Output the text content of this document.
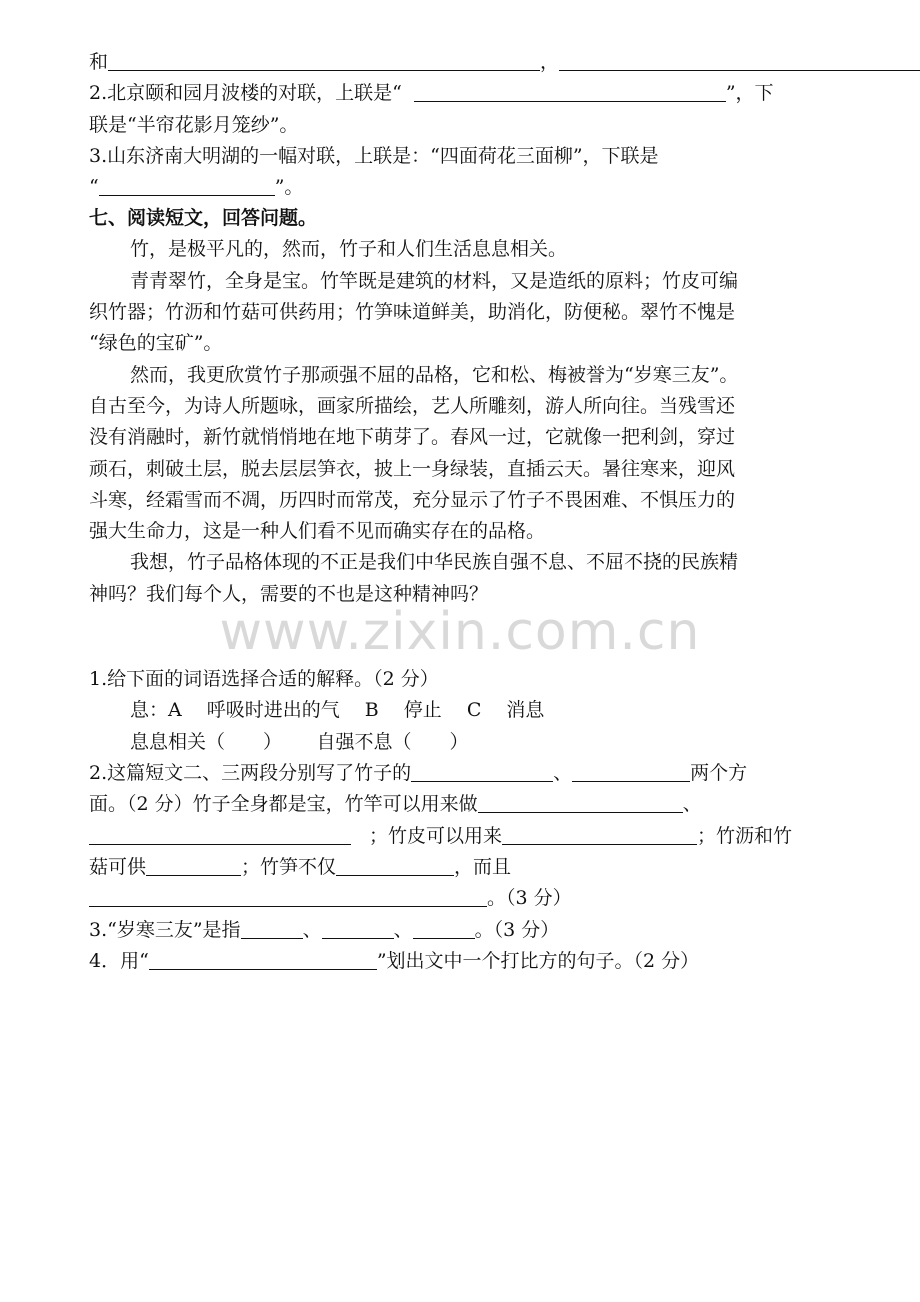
和	，
2.北京颐和园月波楼的对联，上联是“	”，下
联是“半帘花影月笼纱”。
3.山东济南大明湖的一幅对联，上联是：“四面荷花三面柳”，下联是
“	”。
七、阅读短文，回答问题。
竹，是极平凡的，然而，竹子和人们生活息息相关。
青青翠竹，全身是宝。竹竿既是建筑的材料，又是造纸的原料；竹皮可编
织竹器；竹沥和竹菇可供药用；竹笋味道鲜美，助消化，防便秘。翠竹不愧是
“绿色的宝矿”。
然而，我更欣赏竹子那顽强不屈的品格，它和松、梅被誉为“岁寒三友”。
自古至今，为诗人所题咏，画家所描绘，艺人所雕刻，游人所向往。当残雪还
没有消融时，新竹就悄悄地在地下萌芽了。春风一过，它就像一把利剑，穿过
顽石，刺破土层，脱去层层笋衣，披上一身绿装，直插云天。暑往寒来，迎风
斗寒，经霜雪而不凋，历四时而常茂，充分显示了竹子不畏困难、不惧压力的
强大生命力，这是一种人们看不见而确实存在的品格。
我想，竹子品格体现的不正是我们中华民族自强不息、不屈不挠的民族精
神吗？我们每个人，需要的不也是这种精神吗？
www.zixin.com.cn
1.给下面的词语选择合适的解释。（2 分）
息：A　 呼吸时进出的气　 B　 停止　 C　 消息
息息相关（　　）　　 自强不息（　　）
2.这篇短文二、三两段分别写了竹子的	、	两个方
面。（2 分）竹子全身都是宝，竹竿可以用来做	、
；竹皮可以用来	；竹沥和竹
菇可供	；竹笋不仅	，而且
。（3 分）
3.“岁寒三友”是指	、	、	。（3 分）
4．用“	”划出文中一个打比方的句子。（2 分）
